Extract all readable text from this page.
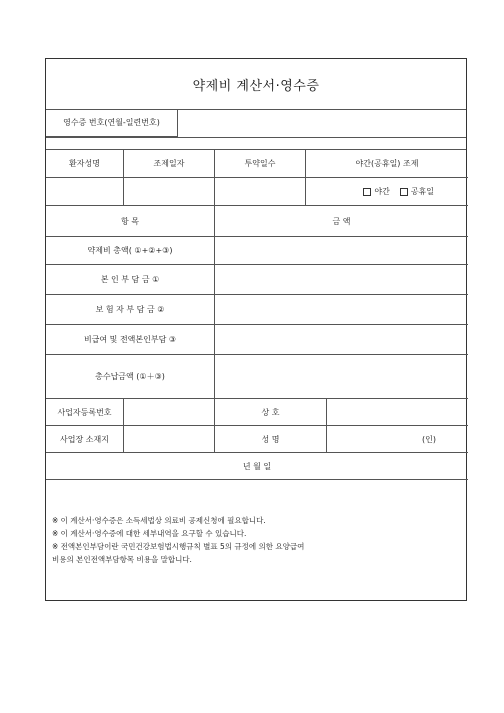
약제비 계산서·영수증
영수증 번호(연월-일련번호)
환자성명	조제일자	투약일수	야간(공휴일) 조제
야간	공휴일
항 목	금 액
약제비 총액( ①+②+③)
본 인 부 담 금 ①
보 험 자 부 담 금 ②
비급여 및 전액본인부담 ③
총수납금액 (①＋③)
사업자등록번호	상 호
사업장 소재지	성 명	(인)
년 월 일
※ 이 계산서·영수증은 소득세법상 의료비 공제신청에 필요합니다.
※ 이 계산서·영수증에 대한 세부내역을 요구할 수 있습니다.
※ 전액본인부담이란 국민건강보험법시행규칙 별표 5의 규정에 의한 요양급여
비용의 본인전액부담항목 비용을 말합니다.
